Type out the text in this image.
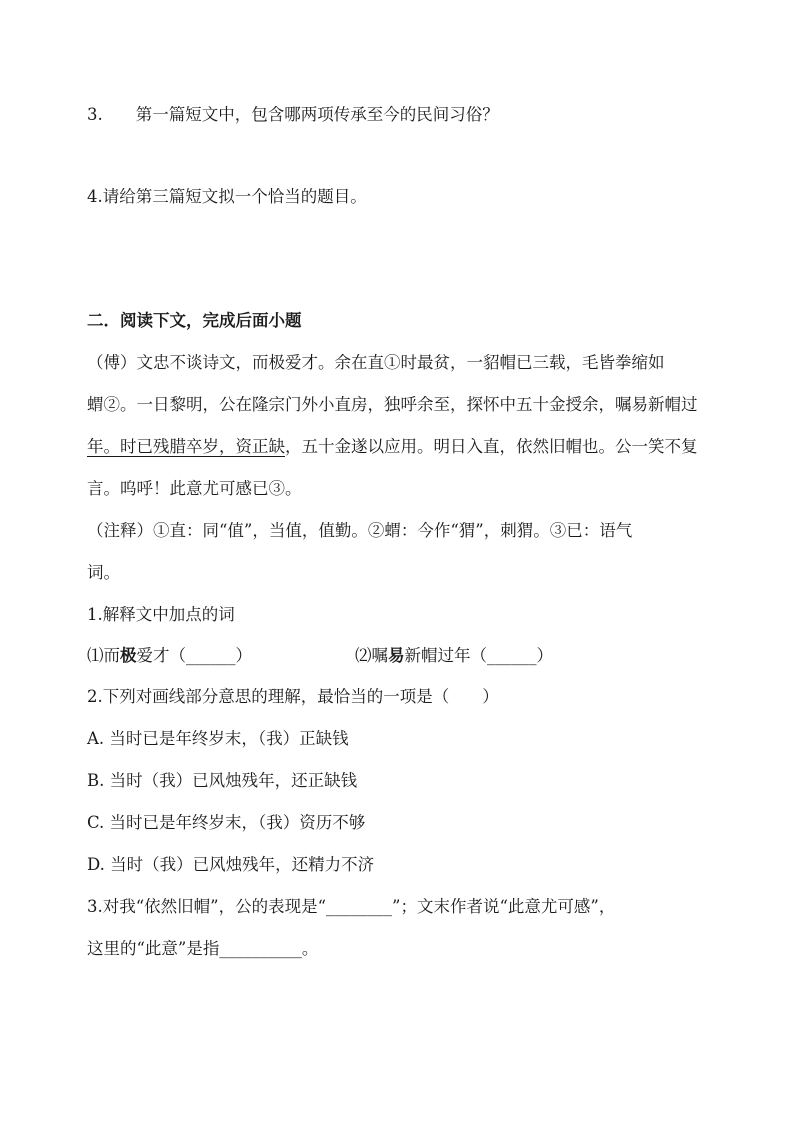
3.　　第一篇短文中，包含哪两项传承至今的民间习俗？
4.请给第三篇短文拟一个恰当的题目。
二．阅读下文，完成后面小题
（傅）文忠不谈诗文，而极爱才。余在直①时最贫，一貂帽已三载，毛皆拳缩如
蝟②。一日黎明，公在隆宗门外小直房，独呼余至，探怀中五十金授余，嘱易新帽过
年。时已残腊卒岁，资正缺，五十金遂以应用。明日入直，依然旧帽也。公一笑不复
言。呜呼！此意尤可感已③。
（注释）①直：同“值”，当值，值勤。②蝟：今作“猬”，刺猬。③已：语气
词。
1.解释文中加点的词
⑴而极爱才（______）	⑵嘱易新帽过年（______）
2.下列对画线部分意思的理解，最恰当的一项是（　　）
A. 当时已是年终岁末，（我）正缺钱
B. 当时（我）已风烛残年，还正缺钱
C. 当时已是年终岁末，（我）资历不够
D. 当时（我）已风烛残年，还精力不济
3.对我“依然旧帽”，公的表现是“________”；文末作者说“此意尤可感”，
这里的“此意”是指__________。
